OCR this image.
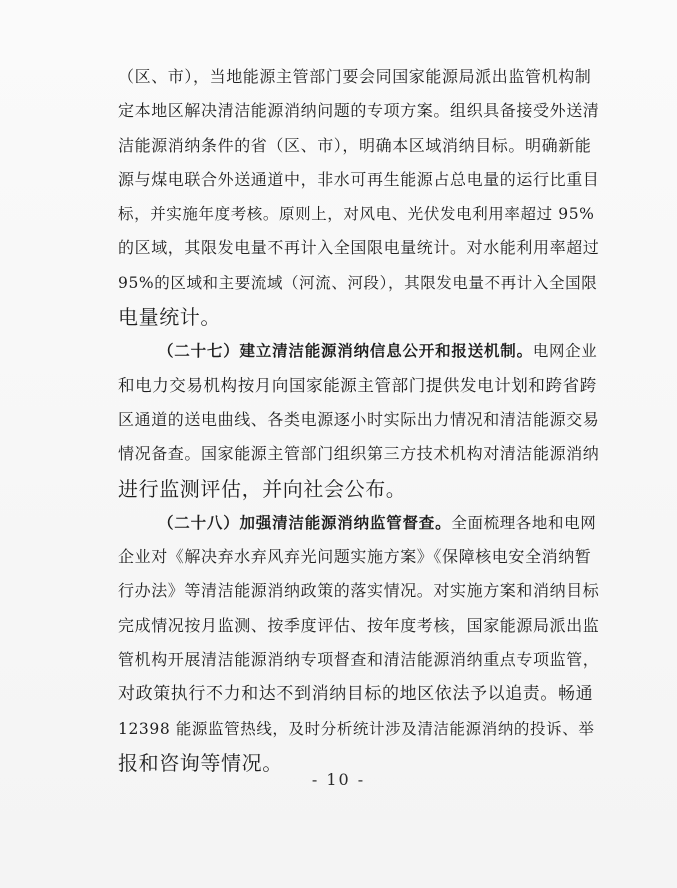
（区、市），当地能源主管部门要会同国家能源局派出监管机构制
定本地区解决清洁能源消纳问题的专项方案。组织具备接受外送清
洁能源消纳条件的省（区、市），明确本区域消纳目标。明确新能
源与煤电联合外送通道中，非水可再生能源占总电量的运行比重目
标，并实施年度考核。原则上，对风电、光伏发电利用率超过 95%
的区域，其限发电量不再计入全国限电量统计。对水能利用率超过
95%的区域和主要流域（河流、河段），其限发电量不再计入全国限
电量统计。
（二十七）建立清洁能源消纳信息公开和报送机制。电网企业
和电力交易机构按月向国家能源主管部门提供发电计划和跨省跨
区通道的送电曲线、各类电源逐小时实际出力情况和清洁能源交易
情况备查。国家能源主管部门组织第三方技术机构对清洁能源消纳
进行监测评估，并向社会公布。
（二十八）加强清洁能源消纳监管督查。全面梳理各地和电网
企业对《解决弃水弃风弃光问题实施方案》《保障核电安全消纳暂
行办法》等清洁能源消纳政策的落实情况。对实施方案和消纳目标
完成情况按月监测、按季度评估、按年度考核，国家能源局派出监
管机构开展清洁能源消纳专项督查和清洁能源消纳重点专项监管，
对政策执行不力和达不到消纳目标的地区依法予以追责。畅通
12398 能源监管热线，及时分析统计涉及清洁能源消纳的投诉、举
报和咨询等情况。
- 10 -
